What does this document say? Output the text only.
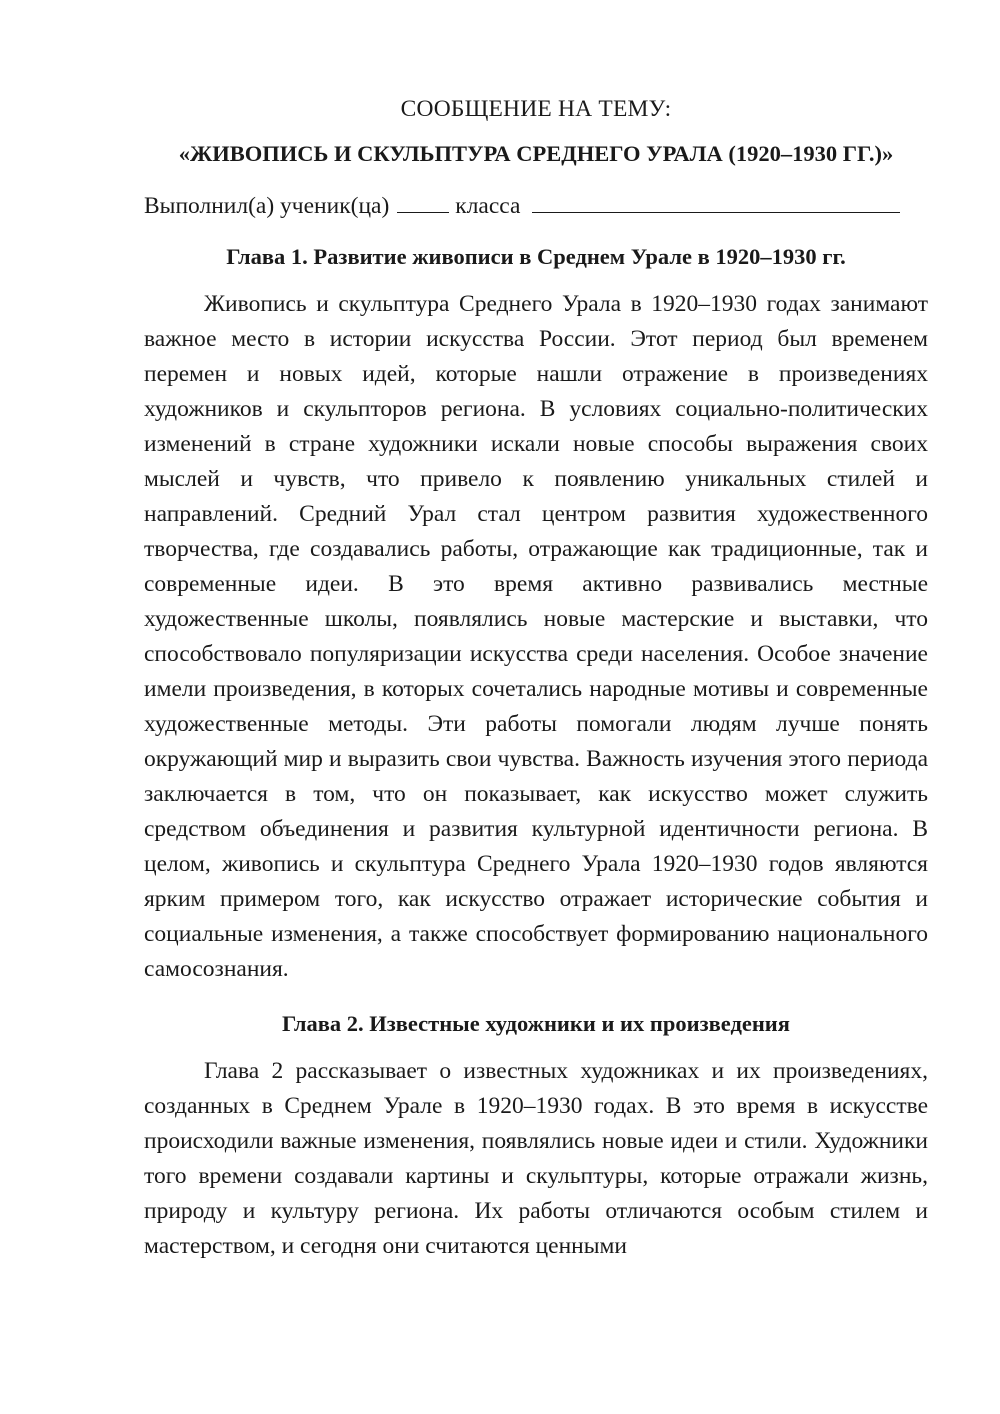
СООБЩЕНИЕ НА ТЕМУ:

«ЖИВОПИСЬ И СКУЛЬПТУРА СРЕДНЕГО УРАЛА (1920–1930 ГГ.)»

Выполнил(а) ученик(ца)	класса

Глава 1. Развитие живописи в Среднем Урале в 1920–1930 гг.

Живопись и скульптура Среднего Урала в 1920–1930 годах занимают важное место в истории искусства России. Этот период был временем перемен и новых идей, которые нашли отражение в произведениях художников и скульпторов региона. В условиях социально-политических изменений в стране художники искали новые способы выражения своих мыслей и чувств, что привело к появлению уникальных стилей и направлений. Средний Урал стал центром развития художественного творчества, где создавались работы, отражающие как традиционные, так и современные идеи. В это время активно развивались местные художественные школы, появлялись новые мастерские и выставки, что способствовало популяризации искусства среди населения. Особое значение имели произведения, в которых сочетались народные мотивы и современные художественные методы. Эти работы помогали людям лучше понять окружающий мир и выразить свои чувства. Важность изучения этого периода заключается в том, что он показывает, как искусство может служить средством объединения и развития культурной идентичности региона. В целом, живопись и скульптура Среднего Урала 1920–1930 годов являются ярким примером того, как искусство отражает исторические события и социальные изменения, а также способствует формированию национального самосознания.

Глава 2. Известные художники и их произведения

Глава 2 рассказывает о известных художниках и их произведениях, созданных в Среднем Урале в 1920–1930 годах. В это время в искусстве происходили важные изменения, появлялись новые идеи и стили. Художники того времени создавали картины и скульптуры, которые отражали жизнь, природу и культуру региона. Их работы отличаются особым стилем и мастерством, и сегодня они считаются ценными
